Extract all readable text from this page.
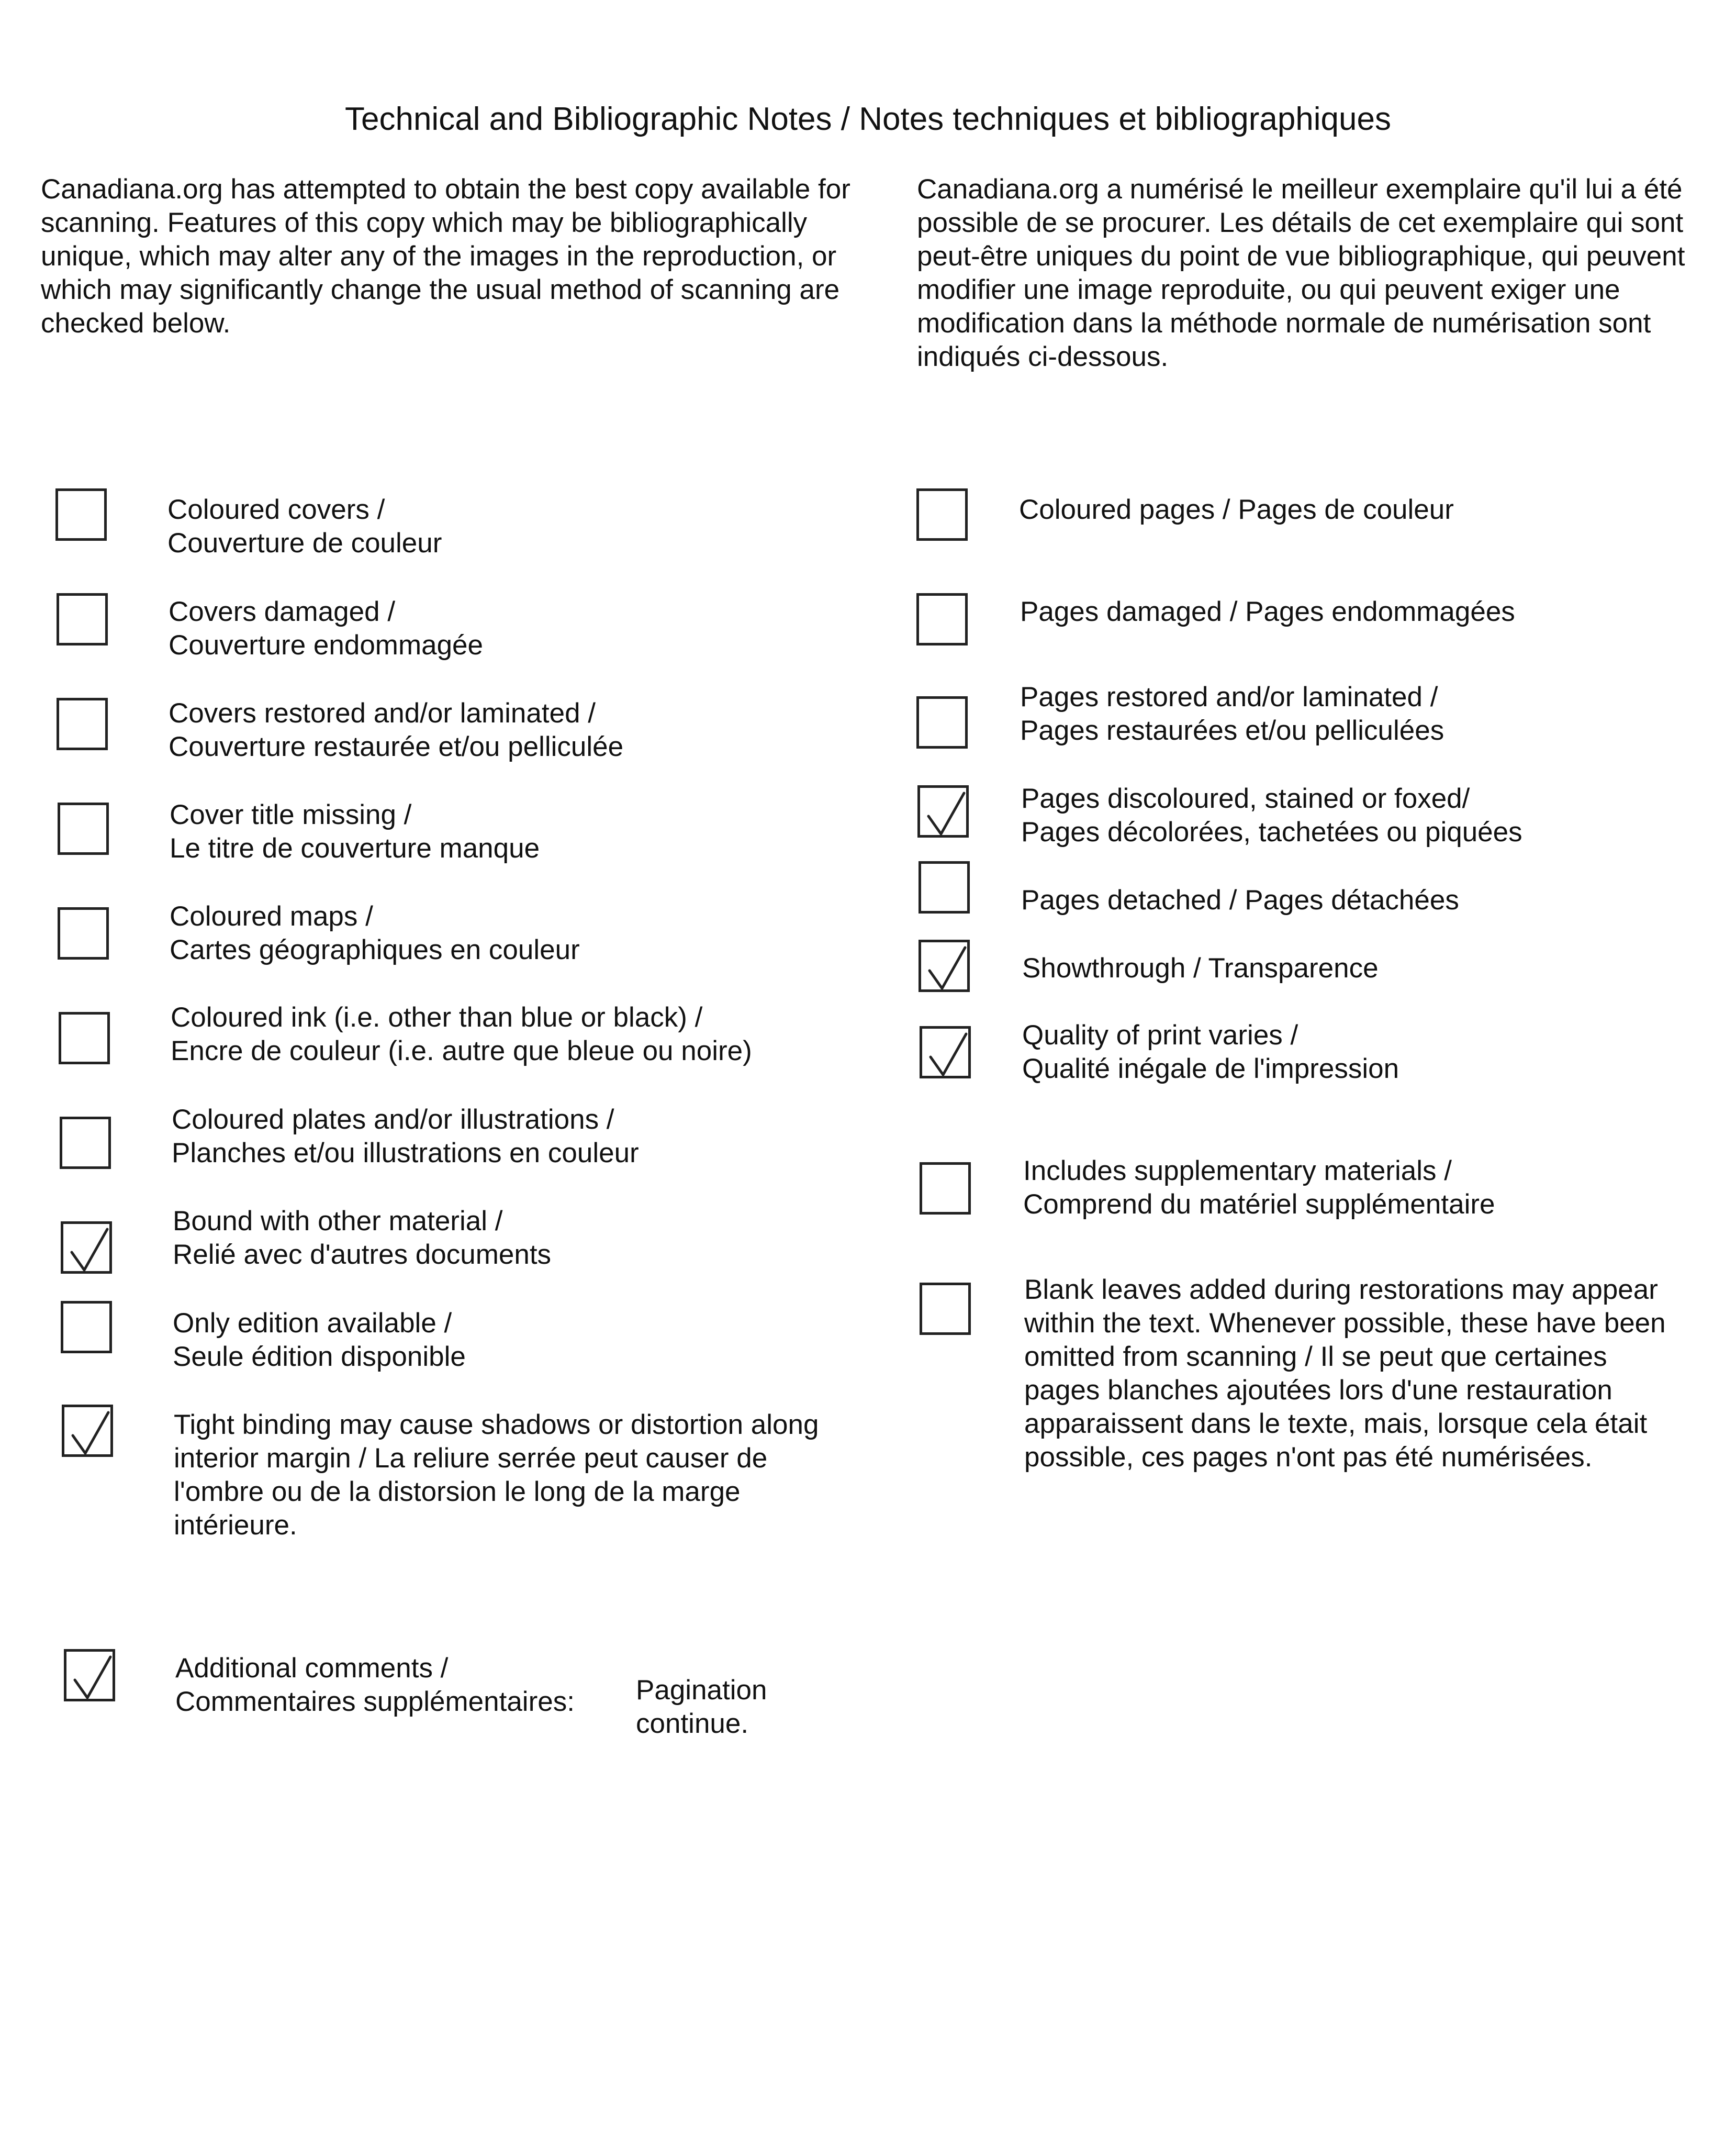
Technical and Bibliographic Notes / Notes techniques et bibliographiques

Canadiana.org has attempted to obtain the best copy available for scanning. Features of this copy which may be bibliographically unique, which may alter any of the images in the reproduction, or which may significantly change the usual method of scanning are checked below.

Canadiana.org a numérisé le meilleur exemplaire qu'il lui a été possible de se procurer. Les détails de cet exemplaire qui sont peut-être uniques du point de vue bibliographique, qui peuvent modifier une image reproduite, ou qui peuvent exiger une modification dans la méthode normale de numérisation sont indiqués ci-dessous.

Coloured covers /
Couverture de couleur
Covers damaged /
Couverture endommagée
Covers restored and/or laminated /
Couverture restaurée et/ou pelliculée
Cover title missing /
Le titre de couverture manque
Coloured maps /
Cartes géographiques en couleur
Coloured ink (i.e. other than blue or black) /
Encre de couleur (i.e. autre que bleue ou noire)
Coloured plates and/or illustrations /
Planches et/ou illustrations en couleur
Bound with other material /
Relié avec d'autres documents
Only edition available /
Seule édition disponible
Tight binding may cause shadows or distortion along interior margin / La reliure serrée peut causer de l'ombre ou de la distorsion le long de la marge intérieure.
Coloured pages / Pages de couleur
Pages damaged / Pages endommagées
Pages restored and/or laminated /
Pages restaurées et/ou pelliculées
Pages discoloured, stained or foxed/
Pages décolorées, tachetées ou piquées
Pages detached / Pages détachées
Showthrough / Transparence
Quality of print varies /
Qualité inégale de l'impression
Includes supplementary materials /
Comprend du matériel supplémentaire
Blank leaves added during restorations may appear within the text. Whenever possible, these have been omitted from scanning / Il se peut que certaines pages blanches ajoutées lors d'une restauration apparaissent dans le texte, mais, lorsque cela était possible, ces pages n'ont pas été numérisées.
Additional comments /
Commentaires supplémentaires: Pagination continue.
